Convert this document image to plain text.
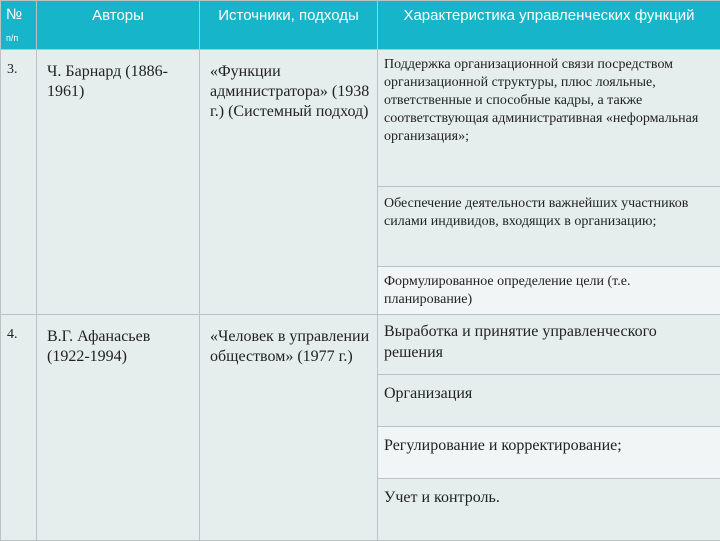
№
п/п	Авторы	Источники, подходы	Характеристика управленческих функций
3.	Ч. Барнард (1886-1961)	«Функции администратора» (1938 г.) (Системный подход)	Поддержка организационной связи посредством организационной структуры, плюс лояльные, ответственные и способные кадры, а также соответствующая административная «неформальная организация»;
			Обеспечение деятельности важнейших участников силами индивидов, входящих в организацию;
			Формулированное определение цели (т.е. планирование)
4.	В.Г. Афанасьев (1922-1994)	«Человек в управлении обществом» (1977 г.)	Выработка и принятие управленческого решения
			Организация
			Регулирование и корректирование;
			Учет и контроль.
